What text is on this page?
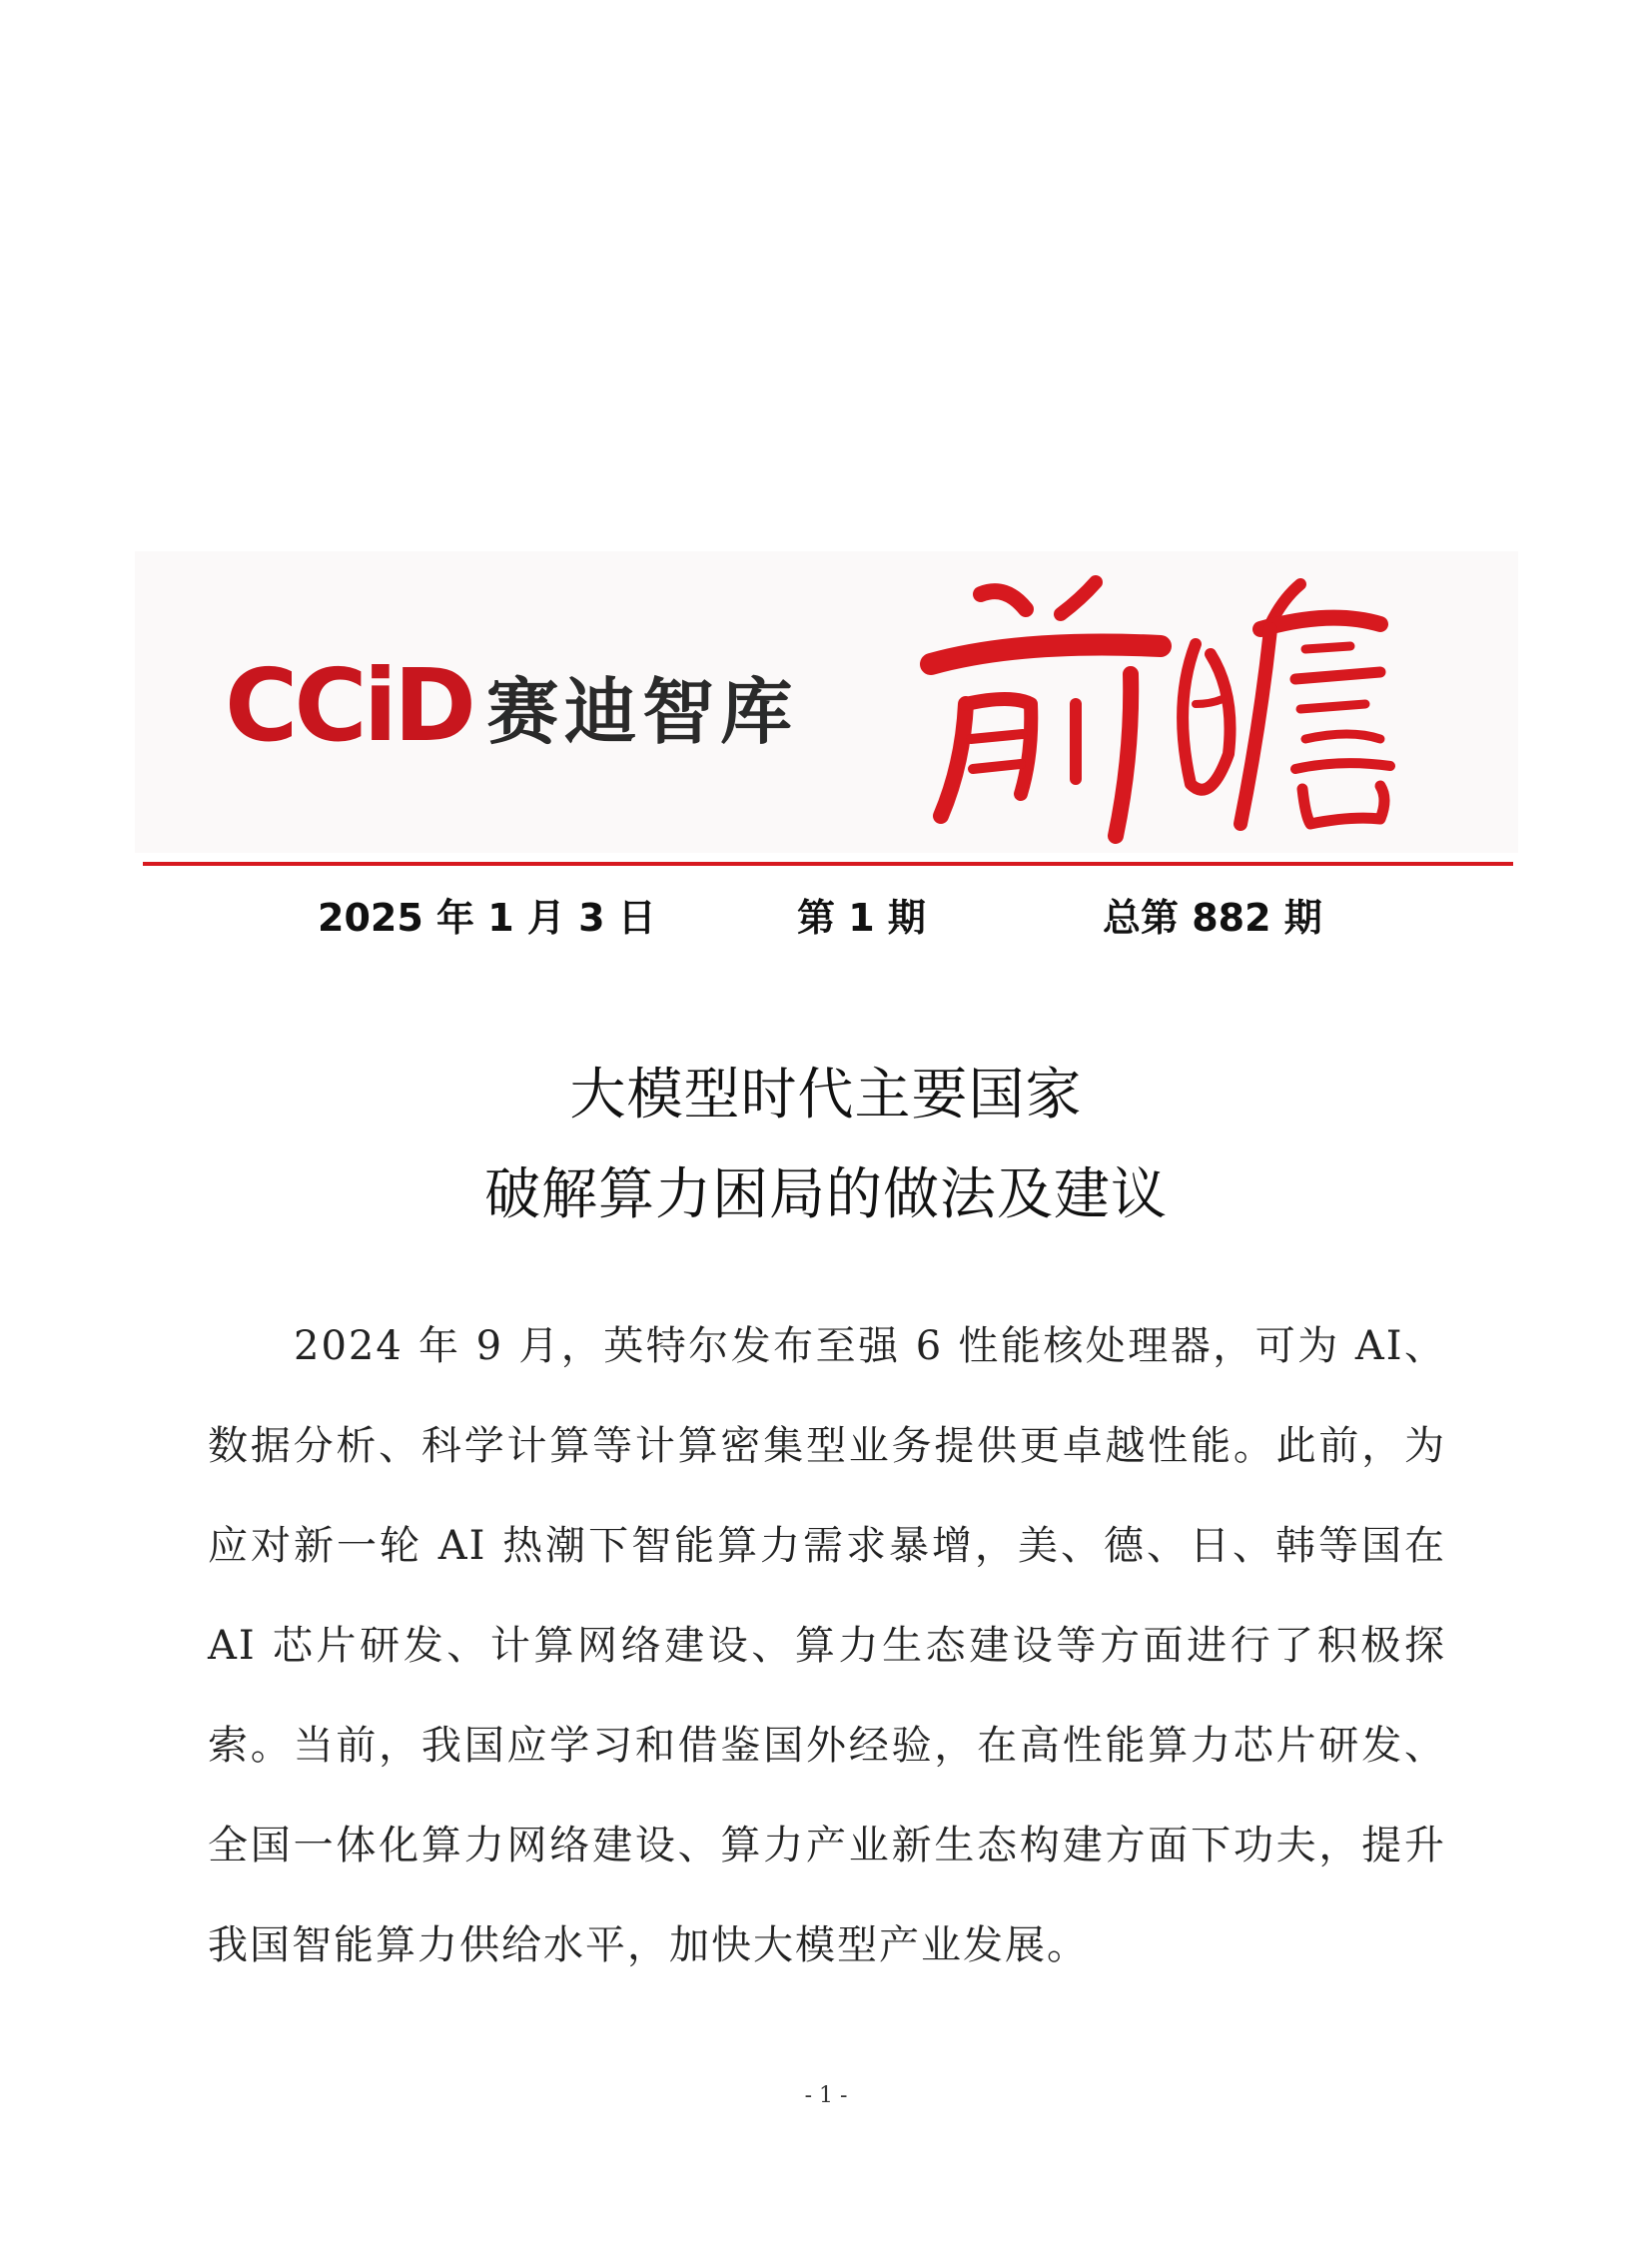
CCiD 赛迪智库
2025 年 1 月 3 日	第 1 期	总第 882 期
大模型时代主要国家
破解算力困局的做法及建议

2024 年 9 月，英特尔发布至强 6 性能核处理器，可为 AI、数据分析、科学计算等计算密集型业务提供更卓越性能。此前，为应对新一轮 AI 热潮下智能算力需求暴增，美、德、日、韩等国在 AI 芯片研发、计算网络建设、算力生态建设等方面进行了积极探索。当前，我国应学习和借鉴国外经验，在高性能算力芯片研发、全国一体化算力网络建设、算力产业新生态构建方面下功夫，提升我国智能算力供给水平，加快大模型产业发展。

- 1 -
